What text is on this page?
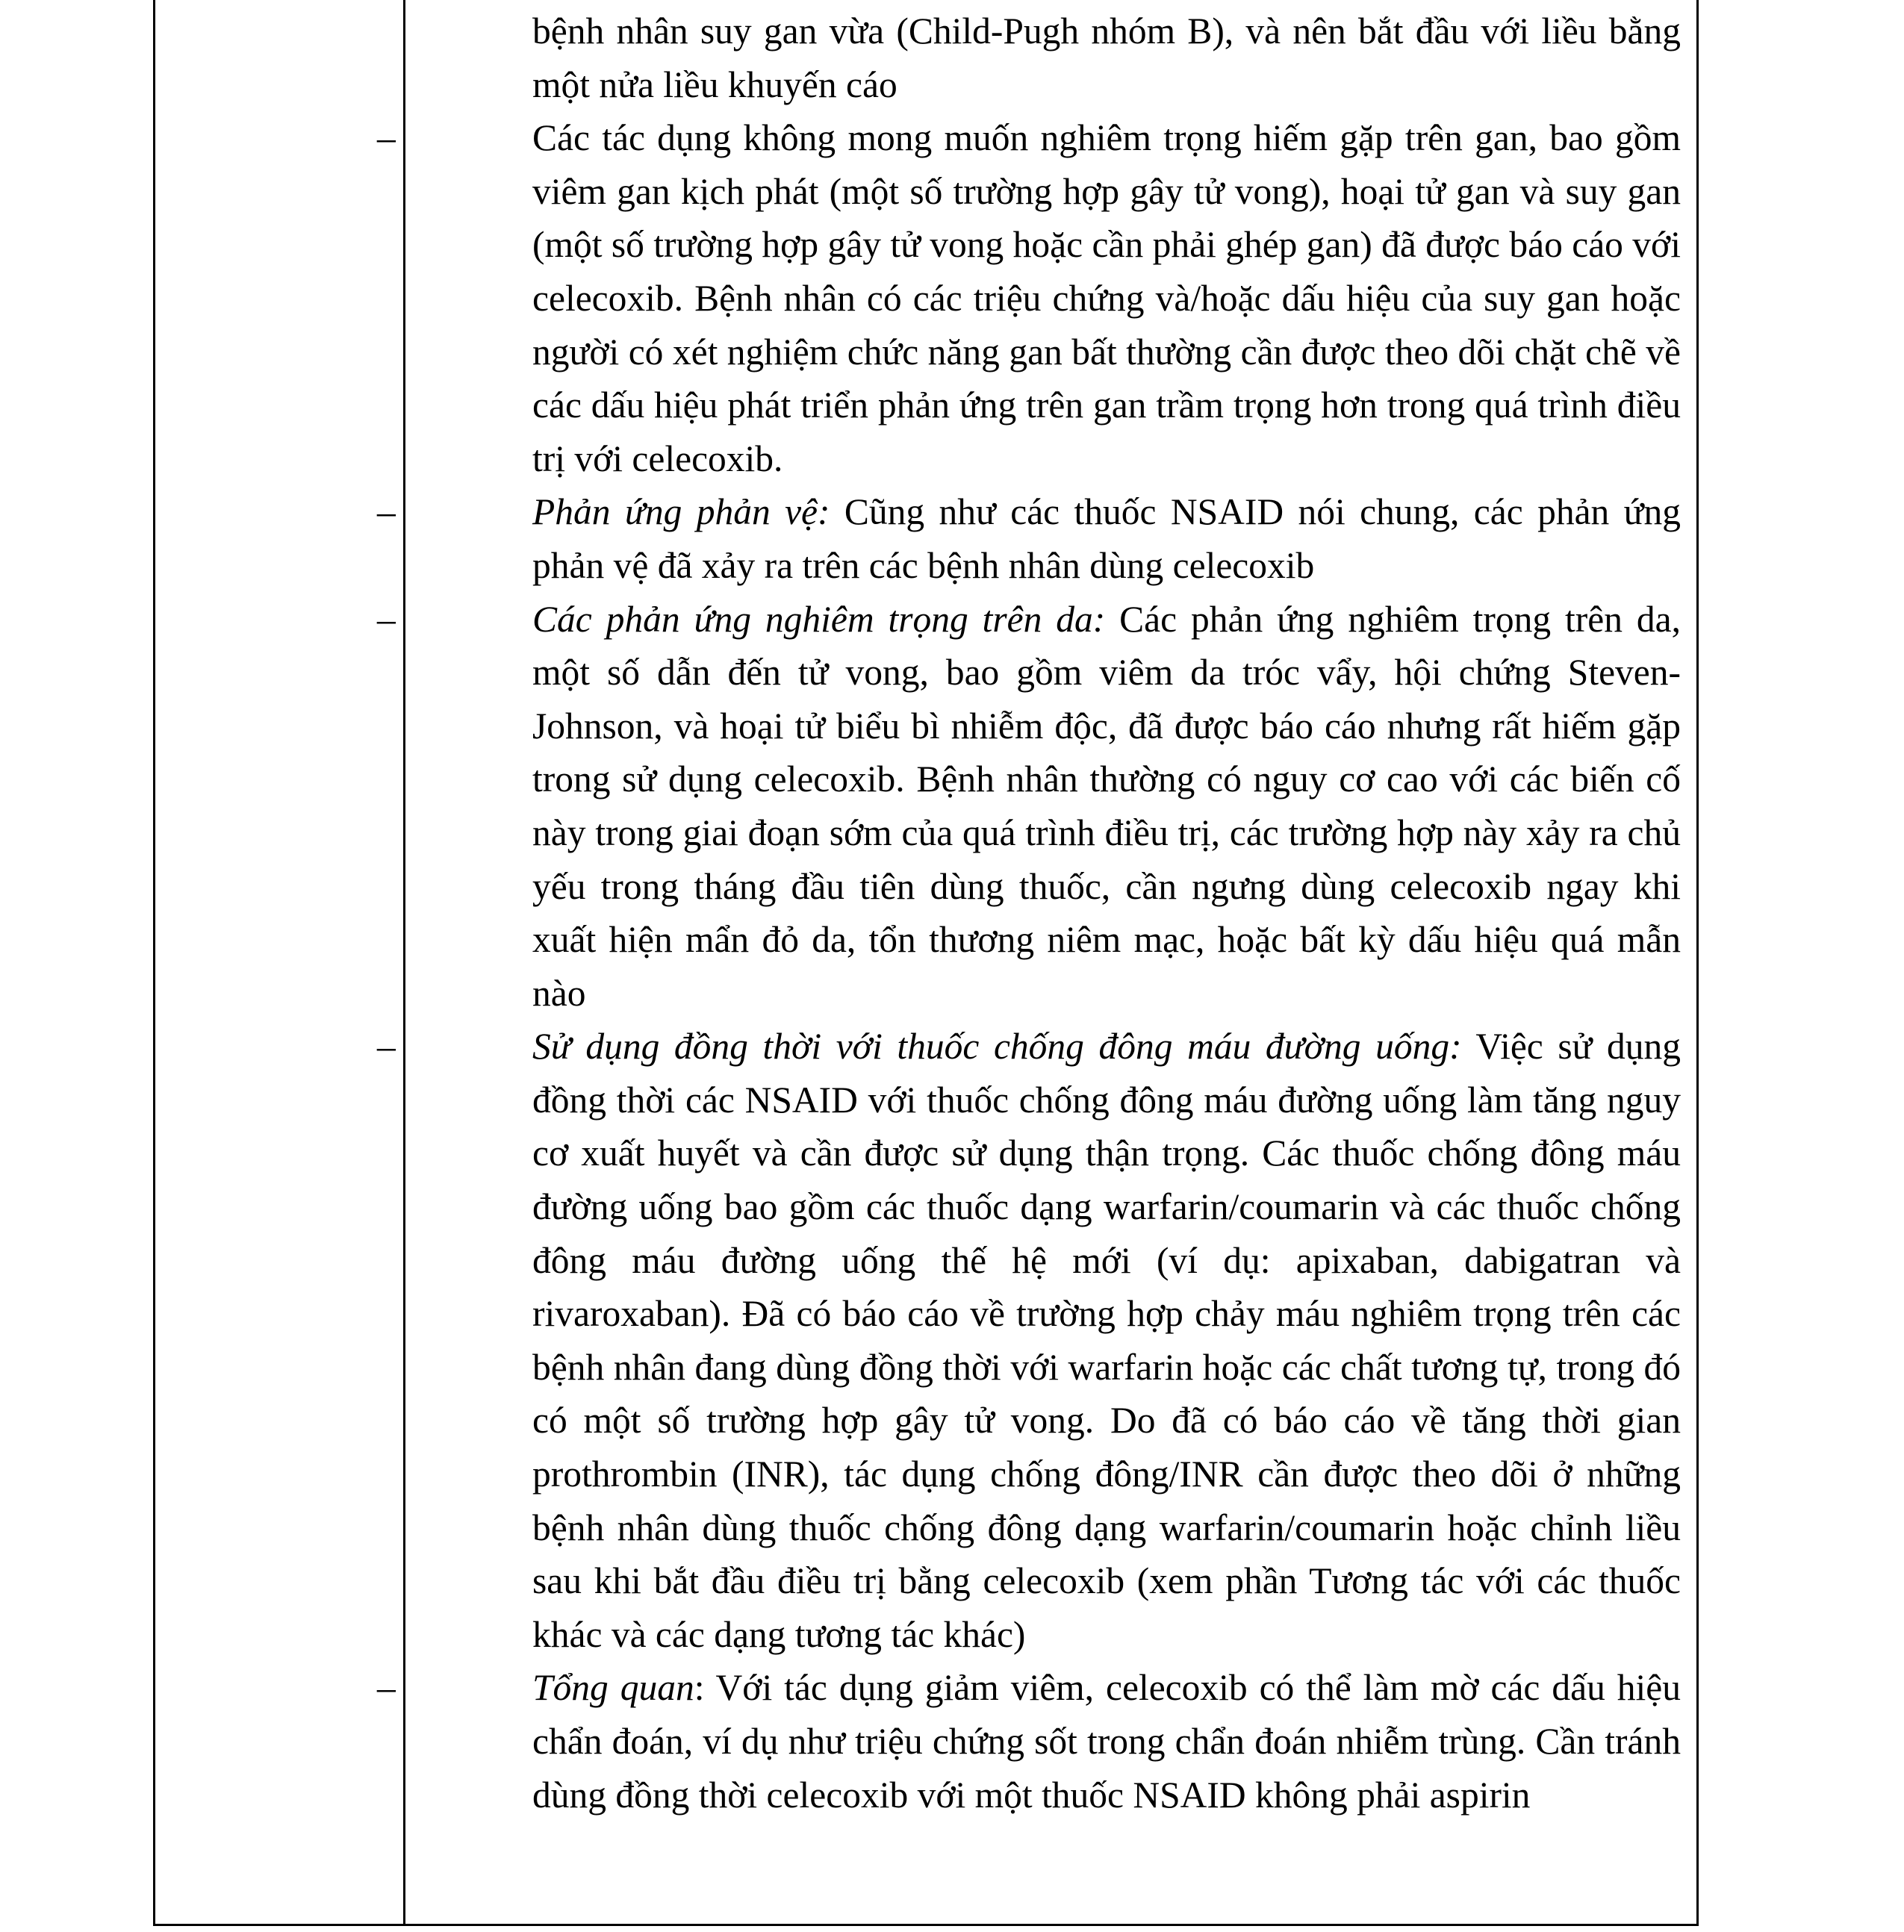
bệnh nhân suy gan vừa (Child-Pugh nhóm B), và nên bắt đầu với liều bằng một nửa liều khuyến cáo
–
Các tác dụng không mong muốn nghiêm trọng hiếm gặp trên gan, bao gồm viêm gan kịch phát (một số trường hợp gây tử vong), hoại tử gan và suy gan (một số trường hợp gây tử vong hoặc cần phải ghép gan) đã được báo cáo với celecoxib. Bệnh nhân có các triệu chứng và/hoặc dấu hiệu của suy gan hoặc người có xét nghiệm chức năng gan bất thường cần được theo dõi chặt chẽ về các dấu hiệu phát triển phản ứng trên gan trầm trọng hơn trong quá trình điều trị với celecoxib.
–
Phản ứng phản vệ: Cũng như các thuốc NSAID nói chung, các phản ứng phản vệ đã xảy ra trên các bệnh nhân dùng celecoxib
–
Các phản ứng nghiêm trọng trên da: Các phản ứng nghiêm trọng trên da, một số dẫn đến tử vong, bao gồm viêm da tróc vẩy, hội chứng Steven-Johnson, và hoại tử biểu bì nhiễm độc, đã được báo cáo nhưng rất hiếm gặp trong sử dụng celecoxib. Bệnh nhân thường có nguy cơ cao với các biến cố này trong giai đoạn sớm của quá trình điều trị, các trường hợp này xảy ra chủ yếu trong tháng đầu tiên dùng thuốc, cần ngưng dùng celecoxib ngay khi xuất hiện mẩn đỏ da, tổn thương niêm mạc, hoặc bất kỳ dấu hiệu quá mẫn nào
–
Sử dụng đồng thời với thuốc chống đông máu đường uống: Việc sử dụng đồng thời các NSAID với thuốc chống đông máu đường uống làm tăng nguy cơ xuất huyết và cần được sử dụng thận trọng. Các thuốc chống đông máu đường uống bao gồm các thuốc dạng warfarin/coumarin và các thuốc chống đông máu đường uống thế hệ mới (ví dụ: apixaban, dabigatran và rivaroxaban). Đã có báo cáo về trường hợp chảy máu nghiêm trọng trên các bệnh nhân đang dùng đồng thời với warfarin hoặc các chất tương tự, trong đó có một số trường hợp gây tử vong. Do đã có báo cáo về tăng thời gian prothrombin (INR), tác dụng chống đông/INR cần được theo dõi ở những bệnh nhân dùng thuốc chống đông dạng warfarin/coumarin hoặc chỉnh liều sau khi bắt đầu điều trị bằng celecoxib (xem phần Tương tác với các thuốc khác và các dạng tương tác khác)
–
Tổng quan: Với tác dụng giảm viêm, celecoxib có thể làm mờ các dấu hiệu chẩn đoán, ví dụ như triệu chứng sốt trong chẩn đoán nhiễm trùng. Cần tránh dùng đồng thời celecoxib với một thuốc NSAID không phải aspirin
